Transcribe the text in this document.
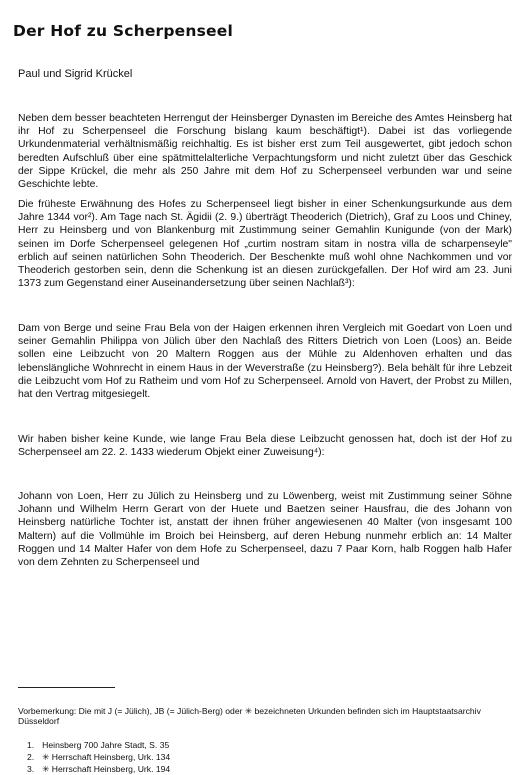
Der Hof zu Scherpenseel
Paul und Sigrid Krückel

Neben dem besser beachteten Herrengut der Heinsberger Dynasten im Bereiche des Amtes Heinsberg hat ihr Hof zu Scherpenseel die Forschung bislang kaum beschäftigt¹). Dabei ist das vorliegende Urkundenmaterial verhältnismäßig reichhaltig. Es ist bisher erst zum Teil ausgewertet, gibt jedoch schon beredten Aufschluß über eine spätmittelalterliche Verpachtungsform und nicht zuletzt über das Geschick der Sippe Krückel, die mehr als 250 Jahre mit dem Hof zu Scherpenseel verbunden war und seine Geschichte lebte.

Die früheste Erwähnung des Hofes zu Scherpenseel liegt bisher in einer Schenkungsurkunde aus dem Jahre 1344 vor²). Am Tage nach St. Ägidii (2. 9.) überträgt Theoderich (Dietrich), Graf zu Loos und Chiney, Herr zu Heinsberg und von Blankenburg mit Zustimmung seiner Gemahlin Kunigunde (von der Mark) seinen im Dorfe Scherpenseel gelegenen Hof „curtim nostram sitam in nostra villa de scharpenseyle" erblich auf seinen natürlichen Sohn Theoderich. Der Beschenkte muß wohl ohne Nachkommen und vor Theoderich gestorben sein, denn die Schenkung ist an diesen zurückgefallen. Der Hof wird am 23. Juni 1373 zum Gegenstand einer Auseinandersetzung über seinen Nachlaß³):

Dam von Berge und seine Frau Bela von der Haigen erkennen ihren Vergleich mit Goedart von Loen und seiner Gemahlin Philippa von Jülich über den Nachlaß des Ritters Dietrich von Loen (Loos) an. Beide sollen eine Leibzucht von 20 Maltern Roggen aus der Mühle zu Aldenhoven erhalten und das lebenslängliche Wohnrecht in einem Haus in der Weverstraße (zu Heinsberg?). Bela behält für ihre Lebzeit die Leibzucht vom Hof zu Ratheim und vom Hof zu Scherpenseel. Arnold von Havert, der Probst zu Millen, hat den Vertrag mitgesiegelt.

Wir haben bisher keine Kunde, wie lange Frau Bela diese Leibzucht genossen hat, doch ist der Hof zu Scherpenseel am 22. 2. 1433 wiederum Objekt einer Zuweisung⁴):

Johann von Loen, Herr zu Jülich zu Heinsberg und zu Löwenberg, weist mit Zustimmung seiner Söhne Johann und Wilhelm Herrn Gerart von der Huete und Baetzen seiner Hausfrau, die des Johann von Heinsberg natürliche Tochter ist, anstatt der ihnen früher angewiesenen 40 Malter (von insgesamt 100 Maltern) auf die Vollmühle im Broich bei Heinsberg, auf deren Hebung nunmehr erblich an: 14 Malter Roggen und 14 Malter Hafer von dem Hofe zu Scherpenseel, dazu 7 Paar Korn, halb Roggen halb Hafer von dem Zehnten zu Scherpenseel und

Vorbemerkung: Die mit J (= Jülich), JB (= Jülich-Berg) oder ✳ bezeichneten Urkunden befinden sich im Hauptstaatsarchiv Düsseldorf
1. Heinsberg 700 Jahre Stadt, S. 35
2. ✳ Herrschaft Heinsberg, Urk. 134
3. ✳ Herrschaft Heinsberg, Urk. 194
